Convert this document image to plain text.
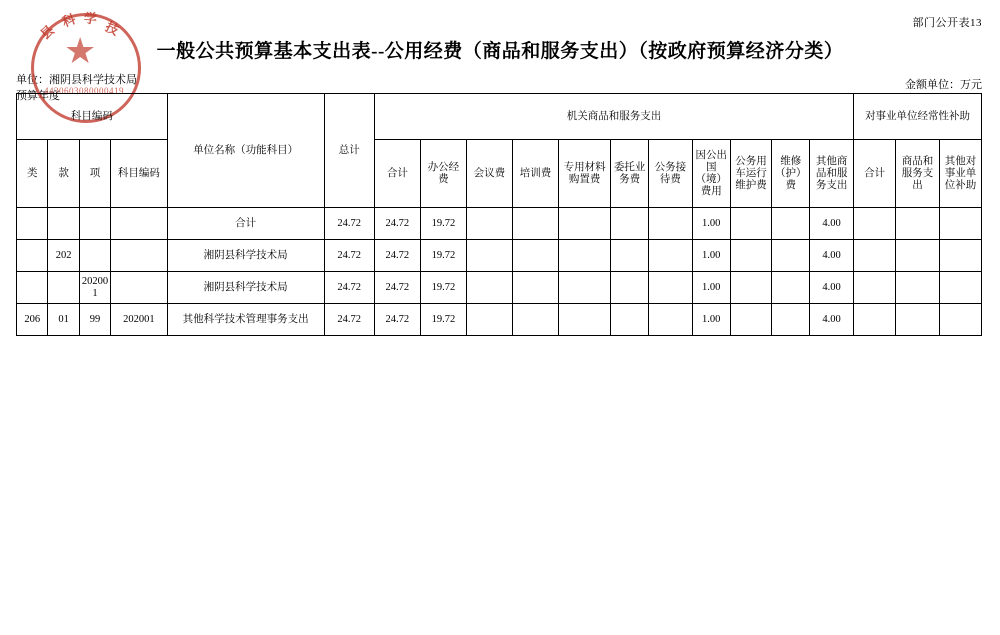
部门公开表13
一般公共预算基本支出表--公用经费（商品和服务支出）（按政府预算经济分类）
单位：湘阴县科学技术局
预算年度
金额单位：万元
县
科 学
技
4430603080000419
科目编码				单位名称（功能科目）	总计	机关商品和服务支出											对事业单位经常性补助		
类	款	项	科目编码			合计	办公经费	会议费	培训费	专用材料购置费	委托业务费	公务接待费	因公出国（境）费用	公务用车运行维护费	维修（护）费	其他商品和服务支出	合计	商品和服务支出	其他对事业单位补助

				合计	24.72	24.72	19.72						1.00			4.00			
	202			湘阴县科学技术局	24.72	24.72	19.72						1.00			4.00			
		202001		湘阴县科学技术局	24.72	24.72	19.72						1.00			4.00			
206	01	99	202001	其他科学技术管理事务支出	24.72	24.72	19.72						1.00			4.00			
